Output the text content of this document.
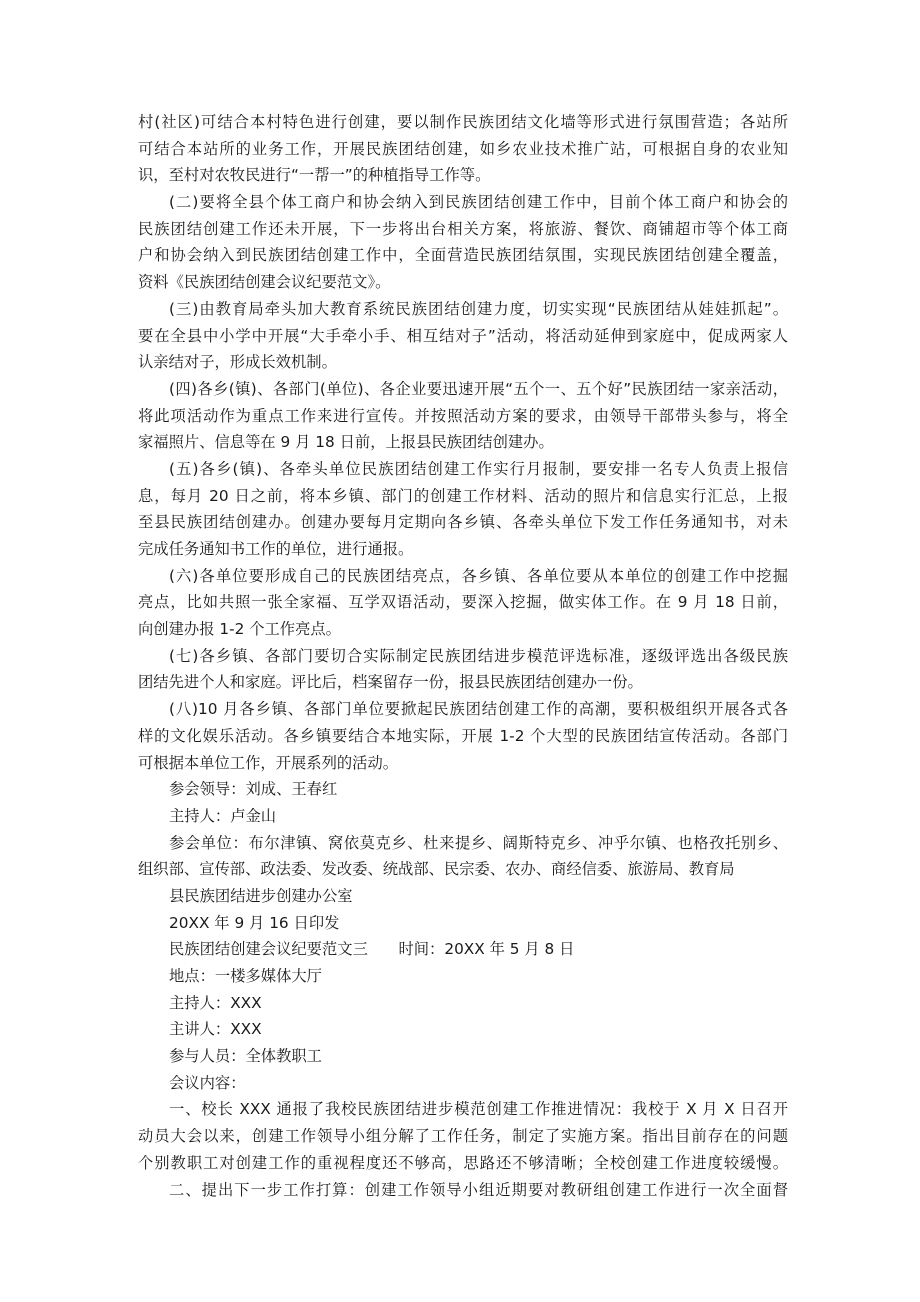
村(社区)可结合本村特色进行创建，要以制作民族团结文化墙等形式进行氛围营造；各站所
可结合本站所的业务工作，开展民族团结创建，如乡农业技术推广站，可根据自身的农业知
识，至村对农牧民进行“一帮一”的种植指导工作等。
(二)要将全县个体工商户和协会纳入到民族团结创建工作中，目前个体工商户和协会的
民族团结创建工作还未开展，下一步将出台相关方案，将旅游、餐饮、商铺超市等个体工商
户和协会纳入到民族团结创建工作中，全面营造民族团结氛围，实现民族团结创建全覆盖，
资料《民族团结创建会议纪要范文》。
(三)由教育局牵头加大教育系统民族团结创建力度，切实实现“民族团结从娃娃抓起”。
要在全县中小学中开展“大手牵小手、相互结对子”活动，将活动延伸到家庭中，促成两家人
认亲结对子，形成长效机制。
(四)各乡(镇)、各部门(单位)、各企业要迅速开展“五个一、五个好”民族团结一家亲活动，
将此项活动作为重点工作来进行宣传。并按照活动方案的要求，由领导干部带头参与，将全
家福照片、信息等在 9 月 18 日前，上报县民族团结创建办。
(五)各乡(镇)、各牵头单位民族团结创建工作实行月报制，要安排一名专人负责上报信
息，每月 20 日之前，将本乡镇、部门的创建工作材料、活动的照片和信息实行汇总，上报
至县民族团结创建办。创建办要每月定期向各乡镇、各牵头单位下发工作任务通知书，对未
完成任务通知书工作的单位，进行通报。
(六)各单位要形成自己的民族团结亮点，各乡镇、各单位要从本单位的创建工作中挖掘
亮点，比如共照一张全家福、互学双语活动，要深入挖掘，做实体工作。在 9 月 18 日前，
向创建办报 1-2 个工作亮点。
(七)各乡镇、各部门要切合实际制定民族团结进步模范评选标准，逐级评选出各级民族
团结先进个人和家庭。评比后，档案留存一份，报县民族团结创建办一份。
(八)10 月各乡镇、各部门单位要掀起民族团结创建工作的高潮，要积极组织开展各式各
样的文化娱乐活动。各乡镇要结合本地实际，开展 1-2 个大型的民族团结宣传活动。各部门
可根据本单位工作，开展系列的活动。
参会领导：刘成、王春红
主持人：卢金山
参会单位：布尔津镇、窝依莫克乡、杜来提乡、阔斯特克乡、冲乎尔镇、也格孜托别乡、
组织部、宣传部、政法委、发改委、统战部、民宗委、农办、商经信委、旅游局、教育局
县民族团结进步创建办公室
20XX 年 9 月 16 日印发
民族团结创建会议纪要范文三　　时间：20XX 年 5 月 8 日
地点：一楼多媒体大厅
主持人：XXX
主讲人：XXX
参与人员：全体教职工
会议内容：
一、校长 XXX 通报了我校民族团结进步模范创建工作推进情况：我校于 X 月 X 日召开
动员大会以来，创建工作领导小组分解了工作任务，制定了实施方案。指出目前存在的问题
个别教职工对创建工作的重视程度还不够高，思路还不够清晰；全校创建工作进度较缓慢。
二、提出下一步工作打算：创建工作领导小组近期要对教研组创建工作进行一次全面督
